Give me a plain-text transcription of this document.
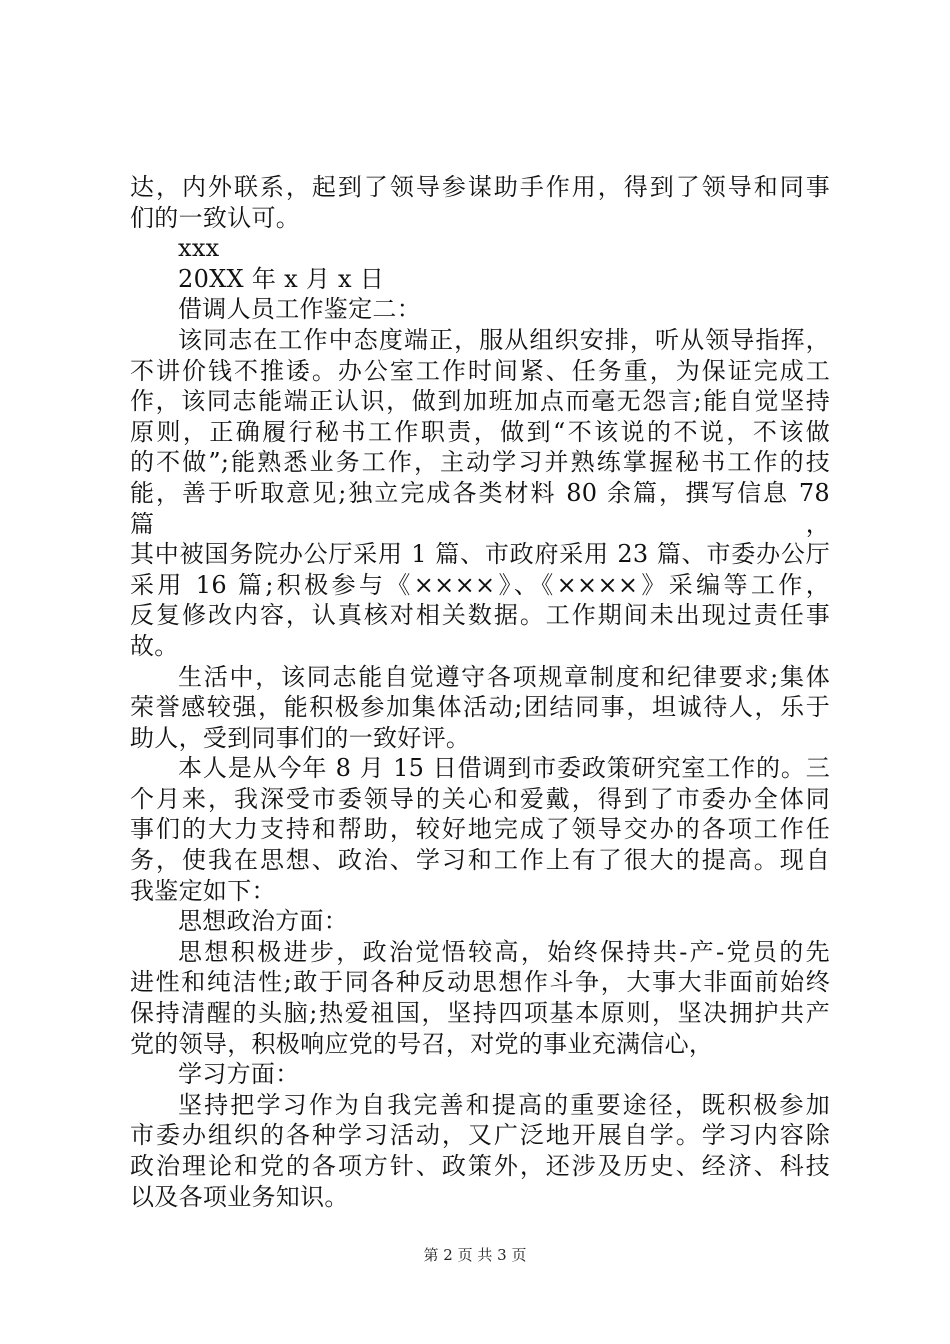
达，内外联系，起到了领导参谋助手作用，得到了领导和同事
们的一致认可。
xxx
20XX 年 x 月 x 日
借调人员工作鉴定二：
该同志在工作中态度端正，服从组织安排，听从领导指挥，
不讲价钱不推诿。办公室工作时间紧、任务重，为保证完成工
作，该同志能端正认识，做到加班加点而毫无怨言;能自觉坚持
原则，正确履行秘书工作职责，做到“不该说的不说，不该做
的不做”;能熟悉业务工作，主动学习并熟练掌握秘书工作的技
能，善于听取意见;独立完成各类材料 80 余篇，撰写信息 78 篇，
其中被国务院办公厅采用 1 篇、市政府采用 23 篇、市委办公厅
采用 16 篇;积极参与《××××》、《××××》采编等工作，
反复修改内容，认真核对相关数据。工作期间未出现过责任事
故。
生活中，该同志能自觉遵守各项规章制度和纪律要求;集体
荣誉感较强，能积极参加集体活动;团结同事，坦诚待人，乐于
助人，受到同事们的一致好评。
本人是从今年 8 月 15 日借调到市委政策研究室工作的。三
个月来，我深受市委领导的关心和爱戴，得到了市委办全体同
事们的大力支持和帮助，较好地完成了领导交办的各项工作任
务，使我在思想、政治、学习和工作上有了很大的提高。现自
我鉴定如下：
思想政治方面：
思想积极进步，政治觉悟较高，始终保持共-产-党员的先
进性和纯洁性;敢于同各种反动思想作斗争，大事大非面前始终
保持清醒的头脑;热爱祖国，坚持四项基本原则，坚决拥护共产
党的领导，积极响应党的号召，对党的事业充满信心，
学习方面：
坚持把学习作为自我完善和提高的重要途径，既积极参加
市委办组织的各种学习活动，又广泛地开展自学。学习内容除
政治理论和党的各项方针、政策外，还涉及历史、经济、科技
以及各项业务知识。
第 2 页 共 3 页
